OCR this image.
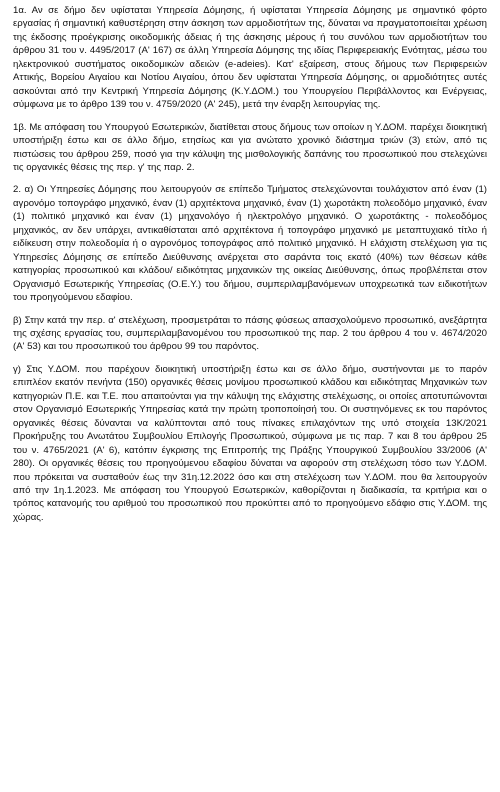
1α. Αν σε δήμο δεν υφίσταται Υπηρεσία Δόμησης, ή υφίσταται Υπηρεσία Δόμησης με σημαντικό φόρτο εργασίας ή σημαντική καθυστέρηση στην άσκηση των αρμοδιοτήτων της, δύναται να πραγματοποιείται χρέωση της έκδοσης προέγκρισης οικοδομικής άδειας ή της άσκησης μέρους ή του συνόλου των αρμοδιοτήτων του άρθρου 31 του ν. 4495/2017 (Α' 167) σε άλλη Υπηρεσία Δόμησης της ιδίας Περιφερειακής Ενότητας, μέσω του ηλεκτρονικού συστήματος οικοδομικών αδειών (e-adeies). Κατ' εξαίρεση, στους δήμους των Περιφερειών Αττικής, Βορείου Αιγαίου και Νοτίου Αιγαίου, όπου δεν υφίσταται Υπηρεσία Δόμησης, οι αρμοδιότητες αυτές ασκούνται από την Κεντρική Υπηρεσία Δόμησης (Κ.Υ.ΔΟΜ.) του Υπουργείου Περιβάλλοντος και Ενέργειας, σύμφωνα με το άρθρο 139 του ν. 4759/2020 (Α' 245), μετά την έναρξη λειτουργίας της.

1β. Με απόφαση του Υπουργού Εσωτερικών, διατίθεται στους δήμους των οποίων η Υ.ΔΟΜ. παρέχει διοικητική υποστήριξη έστω και σε άλλο δήμο, ετησίως και για ανώτατο χρονικό διάστημα τριών (3) ετών, από τις πιστώσεις του άρθρου 259, ποσό για την κάλυψη της μισθολογικής δαπάνης του προσωπικού που στελεχώνει τις οργανικές θέσεις της περ. γ' της παρ. 2.

2. α) Οι Υπηρεσίες Δόμησης που λειτουργούν σε επίπεδο Τμήματος στελεχώνονται τουλάχιστον από έναν (1) αγρονόμο τοπογράφο μηχανικό, έναν (1) αρχιτέκτονα μηχανικό, έναν (1) χωροτάκτη πολεοδόμο μηχανικό, έναν (1) πολιτικό μηχανικό και έναν (1) μηχανολόγο ή ηλεκτρολόγο μηχανικό. Ο χωροτάκτης - πολεοδόμος μηχανικός, αν δεν υπάρχει, αντικαθίσταται από αρχιτέκτονα ή τοπογράφο μηχανικό με μεταπτυχιακό τίτλο ή ειδίκευση στην πολεοδομία ή ο αγρονόμος τοπογράφος από πολιτικό μηχανικό. Η ελάχιστη στελέχωση για τις Υπηρεσίες Δόμησης σε επίπεδο Διεύθυνσης ανέρχεται στο σαράντα τοις εκατό (40%) των θέσεων κάθε κατηγορίας προσωπικού και κλάδου/ ειδικότητας μηχανικών της οικείας Διεύθυνσης, όπως προβλέπεται στον Οργανισμό Εσωτερικής Υπηρεσίας (Ο.Ε.Υ.) του δήμου, συμπεριλαμβανόμενων υποχρεωτικά των ειδικοτήτων του προηγούμενου εδαφίου.

β) Στην κατά την περ. α' στελέχωση, προσμετράται το πάσης φύσεως απασχολούμενο προσωπικό, ανεξάρτητα της σχέσης εργασίας του, συμπεριλαμβανομένου του προσωπικού της παρ. 2 του άρθρου 4 του ν. 4674/2020 (Α' 53) και του προσωπικού του άρθρου 99 του παρόντος.

γ) Στις Υ.ΔΟΜ. που παρέχουν διοικητική υποστήριξη έστω και σε άλλο δήμο, συστήνονται με το παρόν επιπλέον εκατόν πενήντα (150) οργανικές θέσεις μονίμου προσωπικού κλάδου και ειδικότητας Μηχανικών των κατηγοριών Π.Ε. και Τ.Ε. που απαιτούνται για την κάλυψη της ελάχιστης στελέχωσης, οι οποίες αποτυπώνονται στον Οργανισμό Εσωτερικής Υπηρεσίας κατά την πρώτη τροποποίησή του. Οι συστηνόμενες εκ του παρόντος οργανικές θέσεις δύνανται να καλύπτονται από τους πίνακες επιλαχόντων της υπό στοιχεία 13Κ/2021 Προκήρυξης του Ανωτάτου Συμβουλίου Επιλογής Προσωπικού, σύμφωνα με τις παρ. 7 και 8 του άρθρου 25 του ν. 4765/2021 (Α' 6), κατόπιν έγκρισης της Επιτροπής της Πράξης Υπουργικού Συμβουλίου 33/2006 (Α' 280). Οι οργανικές θέσεις του προηγούμενου εδαφίου δύναται να αφορούν στη στελέχωση τόσο των Υ.ΔΟΜ. που πρόκειται να συσταθούν έως την 31η.12.2022 όσο και στη στελέχωση των Υ.ΔΟΜ. που θα λειτουργούν από την 1η.1.2023. Με απόφαση του Υπουργού Εσωτερικών, καθορίζονται η διαδικασία, τα κριτήρια και ο τρόπος κατανομής του αριθμού του προσωπικού που προκύπτει από το προηγούμενο εδάφιο στις Υ.ΔΟΜ. της χώρας.
